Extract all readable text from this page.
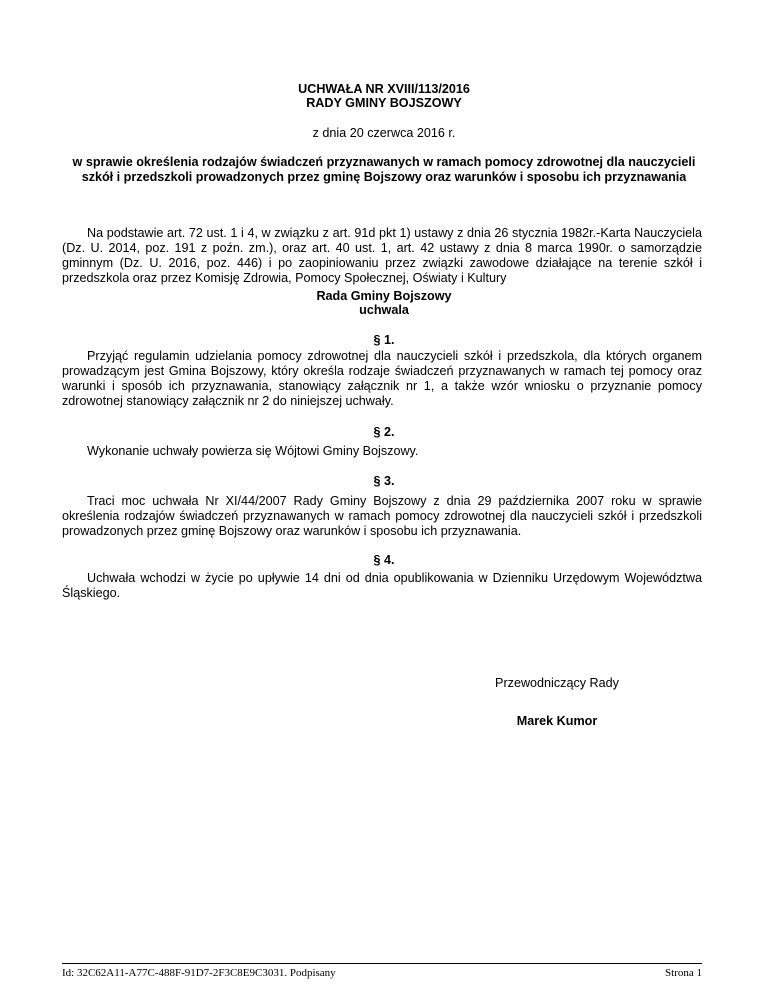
UCHWAŁA NR XVIII/113/2016
RADY GMINY BOJSZOWY
z dnia 20 czerwca 2016 r.
w sprawie określenia rodzajów świadczeń przyznawanych w ramach pomocy zdrowotnej dla nauczycieli szkół i przedszkoli prowadzonych przez gminę Bojszowy oraz warunków i sposobu ich przyznawania
Na podstawie art. 72 ust. 1 i 4, w związku z art. 91d pkt 1) ustawy z dnia 26 stycznia 1982r.-Karta Nauczyciela (Dz. U. 2014, poz. 191 z poźn. zm.), oraz art. 40 ust. 1, art. 42 ustawy z dnia 8 marca 1990r. o samorządzie gminnym (Dz. U. 2016, poz. 446) i po zaopiniowaniu przez związki zawodowe działające na terenie szkół i przedszkola oraz przez Komisję Zdrowia, Pomocy Społecznej, Oświaty i Kultury
Rada Gminy Bojszowy
uchwala
§ 1.
Przyjąć regulamin udzielania pomocy zdrowotnej dla nauczycieli szkół i przedszkola, dla których organem prowadzącym jest Gmina Bojszowy, który określa rodzaje świadczeń przyznawanych w ramach tej pomocy oraz warunki i sposób ich przyznawania, stanowiący załącznik nr 1, a także wzór wniosku o przyznanie pomocy zdrowotnej stanowiący załącznik nr 2 do niniejszej uchwały.
§ 2.
Wykonanie uchwały powierza się Wójtowi Gminy Bojszowy.
§ 3.
Traci moc uchwała Nr XI/44/2007 Rady Gminy Bojszowy z dnia 29 października 2007 roku w sprawie określenia rodzajów świadczeń przyznawanych w ramach pomocy zdrowotnej dla nauczycieli szkół i przedszkoli prowadzonych przez gminę Bojszowy oraz warunków i sposobu ich przyznawania.
§ 4.
Uchwała wchodzi w życie po upływie 14 dni od dnia opublikowania w Dzienniku Urzędowym Województwa Śląskiego.
Przewodniczący Rady
Marek Kumor
Id: 32C62A11-A77C-488F-91D7-2F3C8E9C3031. Podpisany	Strona 1
